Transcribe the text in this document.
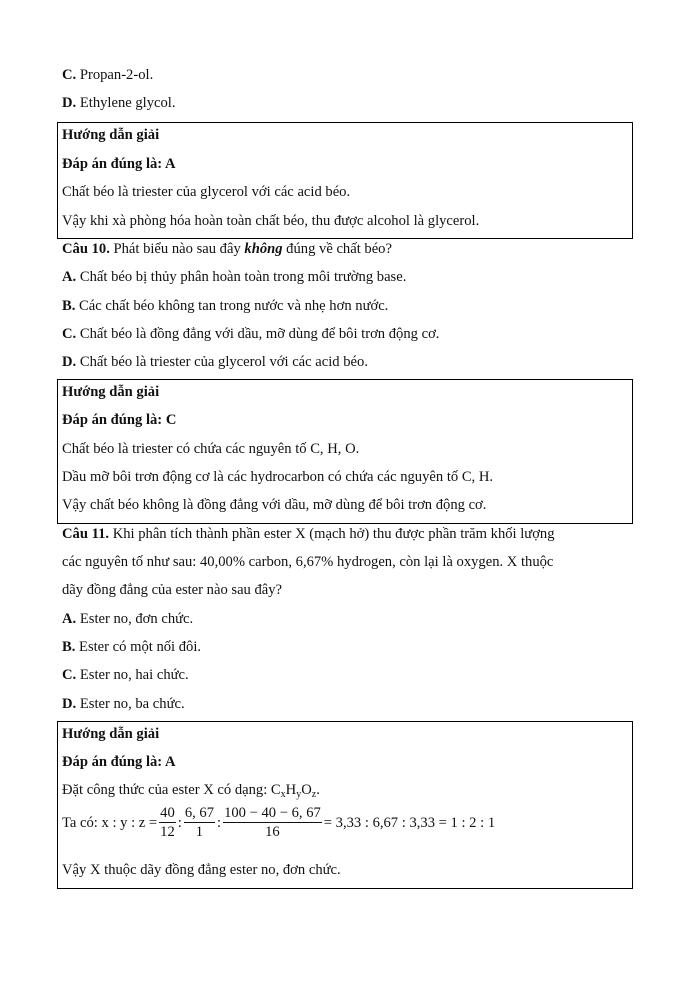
C. Propan-2-ol.
D. Ethylene glycol.
Hướng dẫn giải
Đáp án đúng là: A
Chất béo là triester của glycerol với các acid béo.
Vậy khi xà phòng hóa hoàn toàn chất béo, thu được alcohol là glycerol.
Câu 10. Phát biểu nào sau đây không đúng về chất béo?
A. Chất béo bị thủy phân hoàn toàn trong môi trường base.
B. Các chất béo không tan trong nước và nhẹ hơn nước.
C. Chất béo là đồng đẳng với dầu, mỡ dùng để bôi trơn động cơ.
D. Chất béo là triester của glycerol với các acid béo.
Hướng dẫn giải
Đáp án đúng là: C
Chất béo là triester có chứa các nguyên tố C, H, O.
Dầu mỡ bôi trơn động cơ là các hydrocarbon có chứa các nguyên tố C, H.
Vậy chất béo không là đồng đẳng với dầu, mỡ dùng để bôi trơn động cơ.
Câu 11. Khi phân tích thành phần ester X (mạch hở) thu được phần trăm khối lượng
các nguyên tố như sau: 40,00% carbon, 6,67% hydrogen, còn lại là oxygen. X thuộc
dãy đồng đẳng của ester nào sau đây?
A. Ester no, đơn chức.
B. Ester có một nối đôi.
C. Ester no, hai chức.
D. Ester no, ba chức.
Hướng dẫn giải
Đáp án đúng là: A
Đặt công thức của ester X có dạng: $C_xH_yO_z$.
Ta có: x : y : $z = \frac{40}{12}$ : $\frac{6, 67}{1}$ : $\frac{100 - 40 - 6, 67}{16} = 3,33$ : 6,67 : 3,33 = 1 : 2 : 1
Vậy X thuộc dãy đồng đẳng ester no, đơn chức.
